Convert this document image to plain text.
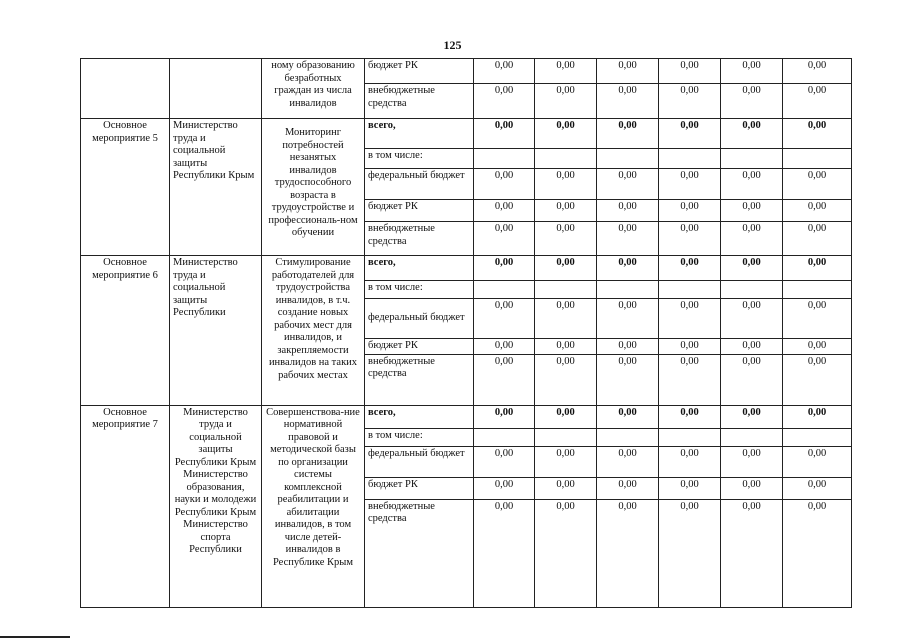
125
		ному образованию безработных граждан из числа инвалидов	бюджет РК	0,00	0,00	0,00	0,00	0,00	0,00
			внебюджетные средства	0,00	0,00	0,00	0,00	0,00	0,00
Основное мероприятие 5	Министерство труда и социальной защиты Республики Крым	Мониторинг потребностей незанятых инвалидов трудоспособного возраста в трудоустройстве и профессиональ-ном обучении	всего,	0,00	0,00	0,00	0,00	0,00	0,00
			в том числе:						
			федеральный бюджет	0,00	0,00	0,00	0,00	0,00	0,00
			бюджет РК	0,00	0,00	0,00	0,00	0,00	0,00
			внебюджетные средства	0,00	0,00	0,00	0,00	0,00	0,00
Основное мероприятие 6	Министерство труда и социальной защиты Республики	Стимулирование работодателей для трудоустройства инвалидов, в т.ч. создание новых рабочих мест для инвалидов, и закрепляемости инвалидов на таких рабочих местах	всего,	0,00	0,00	0,00	0,00	0,00	0,00
			в том числе:						
			федеральный бюджет	0,00	0,00	0,00	0,00	0,00	0,00
			бюджет РК	0,00	0,00	0,00	0,00	0,00	0,00
			внебюджетные средства	0,00	0,00	0,00	0,00	0,00	0,00
Основное мероприятие 7	Министерство труда и социальной защиты Республики Крым Министерство образования, науки и молодежи Республики Крым Министерство спорта Республики	Совершенствова-ние нормативной правовой и методической базы по организации системы комплексной реабилитации и абилитации инвалидов, в том числе детей-инвалидов в Республике Крым	всего,	0,00	0,00	0,00	0,00	0,00	0,00
			в том числе:						
			федеральный бюджет	0,00	0,00	0,00	0,00	0,00	0,00
			бюджет РК	0,00	0,00	0,00	0,00	0,00	0,00
			внебюджетные средства	0,00	0,00	0,00	0,00	0,00	0,00
